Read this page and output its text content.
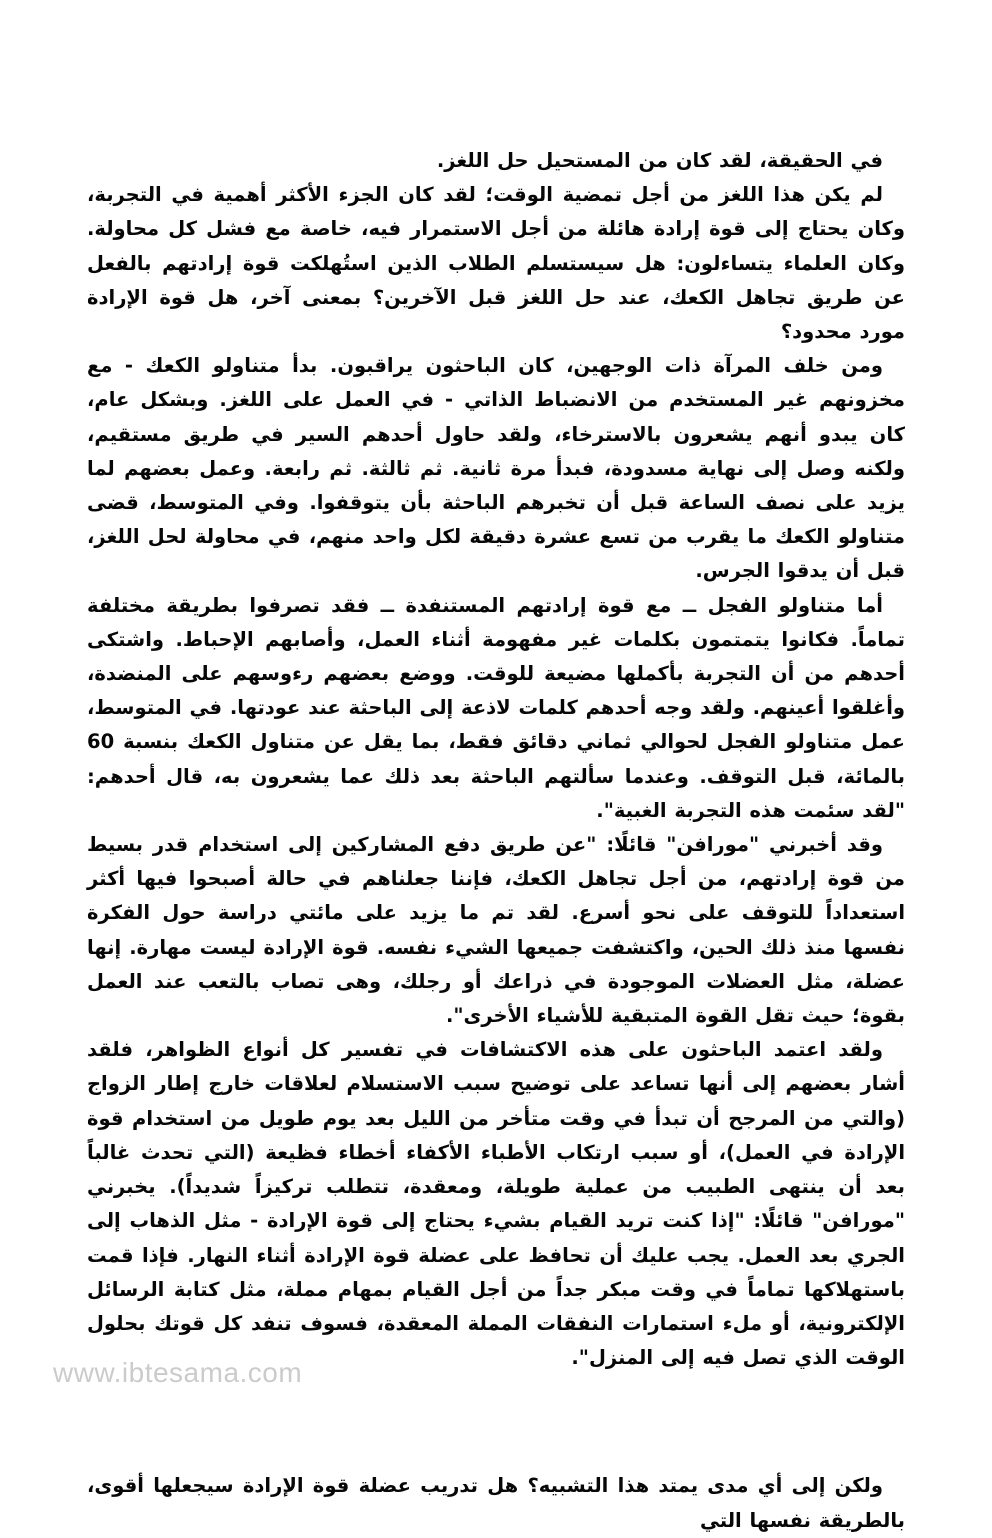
في الحقيقة، لقد كان من المستحيل حل اللغز.

لم يكن هذا اللغز من أجل تمضية الوقت؛ لقد كان الجزء الأكثر أهمية في التجربة، وكان يحتاج إلى قوة إرادة هائلة من أجل الاستمرار فيه، خاصة مع فشل كل محاولة. وكان العلماء يتساءلون: هل سيستسلم الطلاب الذين استُهلكت قوة إرادتهم بالفعل عن طريق تجاهل الكعك، عند حل اللغز قبل الآخرين؟ بمعنى آخر، هل قوة الإرادة مورد محدود؟

ومن خلف المرآة ذات الوجهين، كان الباحثون يراقبون. بدأ متناولو الكعك - مع مخزونهم غير المستخدم من الانضباط الذاتي - في العمل على اللغز. وبشكل عام، كان يبدو أنهم يشعرون بالاسترخاء، ولقد حاول أحدهم السير في طريق مستقيم، ولكنه وصل إلى نهاية مسدودة، فبدأ مرة ثانية. ثم ثالثة. ثم رابعة. وعمل بعضهم لما يزيد على نصف الساعة قبل أن تخبرهم الباحثة بأن يتوقفوا. وفي المتوسط، قضى متناولو الكعك ما يقرب من تسع عشرة دقيقة لكل واحد منهم، في محاولة لحل اللغز، قبل أن يدقوا الجرس.

أما متناولو الفجل ــ مع قوة إرادتهم المستنفدة ــ فقد تصرفوا بطريقة مختلفة تماماً. فكانوا يتمتمون بكلمات غير مفهومة أثناء العمل، وأصابهم الإحباط. واشتكى أحدهم من أن التجربة بأكملها مضيعة للوقت. ووضع بعضهم رءوسهم على المنضدة، وأغلقوا أعينهم. ولقد وجه أحدهم كلمات لاذعة إلى الباحثة عند عودتها. في المتوسط، عمل متناولو الفجل لحوالي ثماني دقائق فقط، بما يقل عن متناول الكعك بنسبة 60 بالمائة، قبل التوقف. وعندما سألتهم الباحثة بعد ذلك عما يشعرون به، قال أحدهم: "لقد سئمت هذه التجربة الغبية".

وقد أخبرني "مورافن" قائلًا: "عن طريق دفع المشاركين إلى استخدام قدر بسيط من قوة إرادتهم، من أجل تجاهل الكعك، فإننا جعلناهم في حالة أصبحوا فيها أكثر استعداداً للتوقف على نحو أسرع. لقد تم ما يزيد على مائتي دراسة حول الفكرة نفسها منذ ذلك الحين، واكتشفت جميعها الشيء نفسه. قوة الإرادة ليست مهارة. إنها عضلة، مثل العضلات الموجودة في ذراعك أو رجلك، وهى تصاب بالتعب عند العمل بقوة؛ حيث تقل القوة المتبقية للأشياء الأخرى".

ولقد اعتمد الباحثون على هذه الاكتشافات في تفسير كل أنواع الظواهر، فلقد أشار بعضهم إلى أنها تساعد على توضيح سبب الاستسلام لعلاقات خارج إطار الزواج (والتي من المرجح أن تبدأ في وقت متأخر من الليل بعد يوم طويل من استخدام قوة الإرادة في العمل)، أو سبب ارتكاب الأطباء الأكفاء أخطاء فظيعة (التي تحدث غالباً بعد أن ينتهى الطبيب من عملية طويلة، ومعقدة، تتطلب تركيزاً شديداً). يخبرني "مورافن" قائلًا: "إذا كنت تريد القيام بشيء يحتاج إلى قوة الإرادة - مثل الذهاب إلى الجري بعد العمل. يجب عليك أن تحافظ على عضلة قوة الإرادة أثناء النهار. فإذا قمت باستهلاكها تماماً في وقت مبكر جداً من أجل القيام بمهام مملة، مثل كتابة الرسائل الإلكترونية، أو ملء استمارات النفقات المملة المعقدة، فسوف تنفد كل قوتك بحلول الوقت الذي تصل فيه إلى المنزل".

ولكن إلى أي مدى يمتد هذا التشبيه؟ هل تدريب عضلة قوة الإرادة سيجعلها أقوى، بالطريقة نفسها التي

www.ibtesama.com
